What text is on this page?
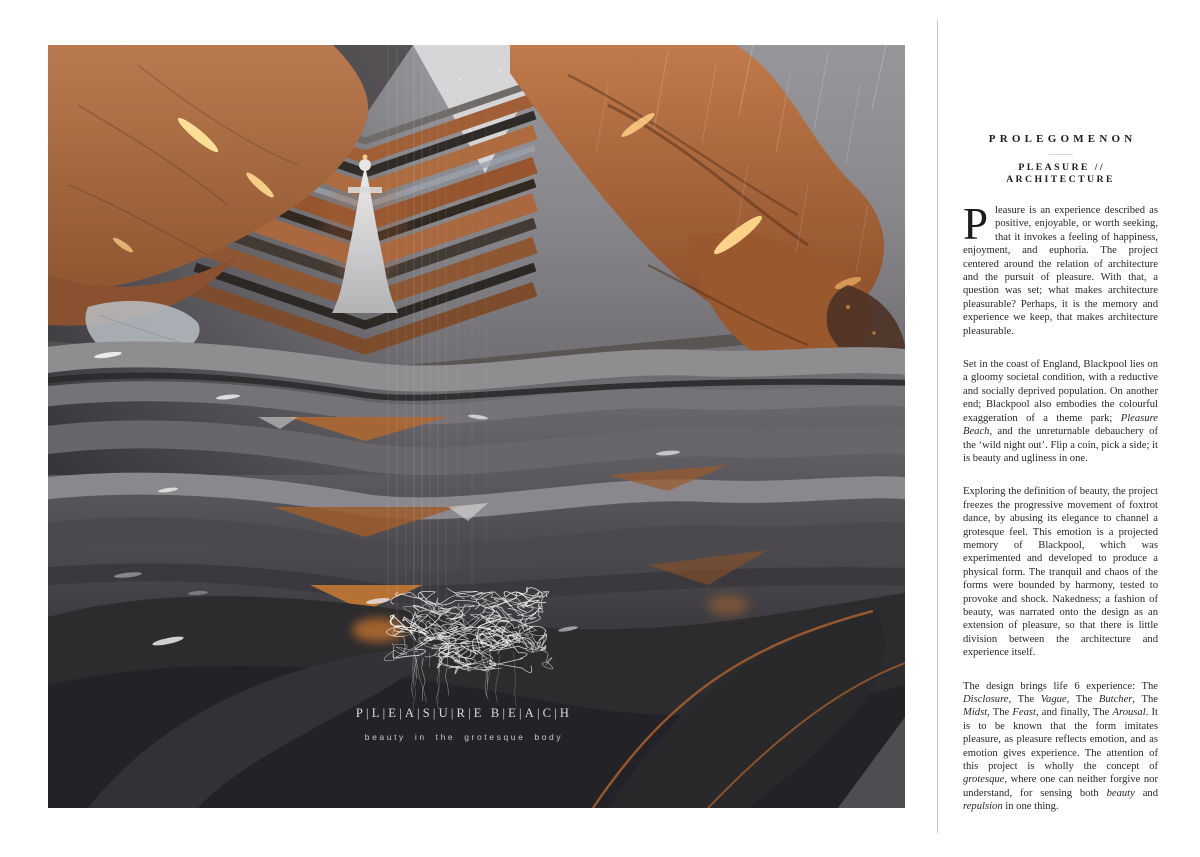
P|L|E|A|S|U|R|E B|E|A|C|H
beauty in the grotesque body
PROLEGOMENON
PLEASURE // ARCHITECTURE

Pleasure is an experience described as positive, enjoyable, or worth seeking, that it invokes a feeling of happiness, enjoyment, and euphoria. The project centered around the relation of architecture and the pursuit of pleasure. With that, a question was set; what makes architecture pleasurable? Perhaps, it is the memory and experience we keep, that makes architecture pleasurable.

Set in the coast of England, Blackpool lies on a gloomy societal condition, with a reductive and socially deprived population. On another end; Blackpool also embodies the colourful exaggeration of a theme park; Pleasure Beach, and the unreturnable debauchery of the ‘wild night out’. Flip a coin, pick a side; it is beauty and ugliness in one.

Exploring the definition of beauty, the project freezes the progressive movement of foxtrot dance, by abusing its elegance to channel a grotesque feel. This emotion is a projected memory of Blackpool, which was experimented and developed to produce a physical form. The tranquil and chaos of the forms were bounded by harmony, tested to provoke and shock. Nakedness; a fashion of beauty, was narrated onto the design as an extension of pleasure, so that there is little division between the architecture and experience itself.

The design brings life 6 experience: The Disclosure, The Vague, The Butcher, The Midst, The Feast, and finally, The Arousal. It is to be known that the form imitates pleasure, as pleasure reflects emotion, and as emotion gives experience. The attention of this project is wholly the concept of grotesque, where one can neither forgive nor understand, for sensing both beauty and repulsion in one thing.
